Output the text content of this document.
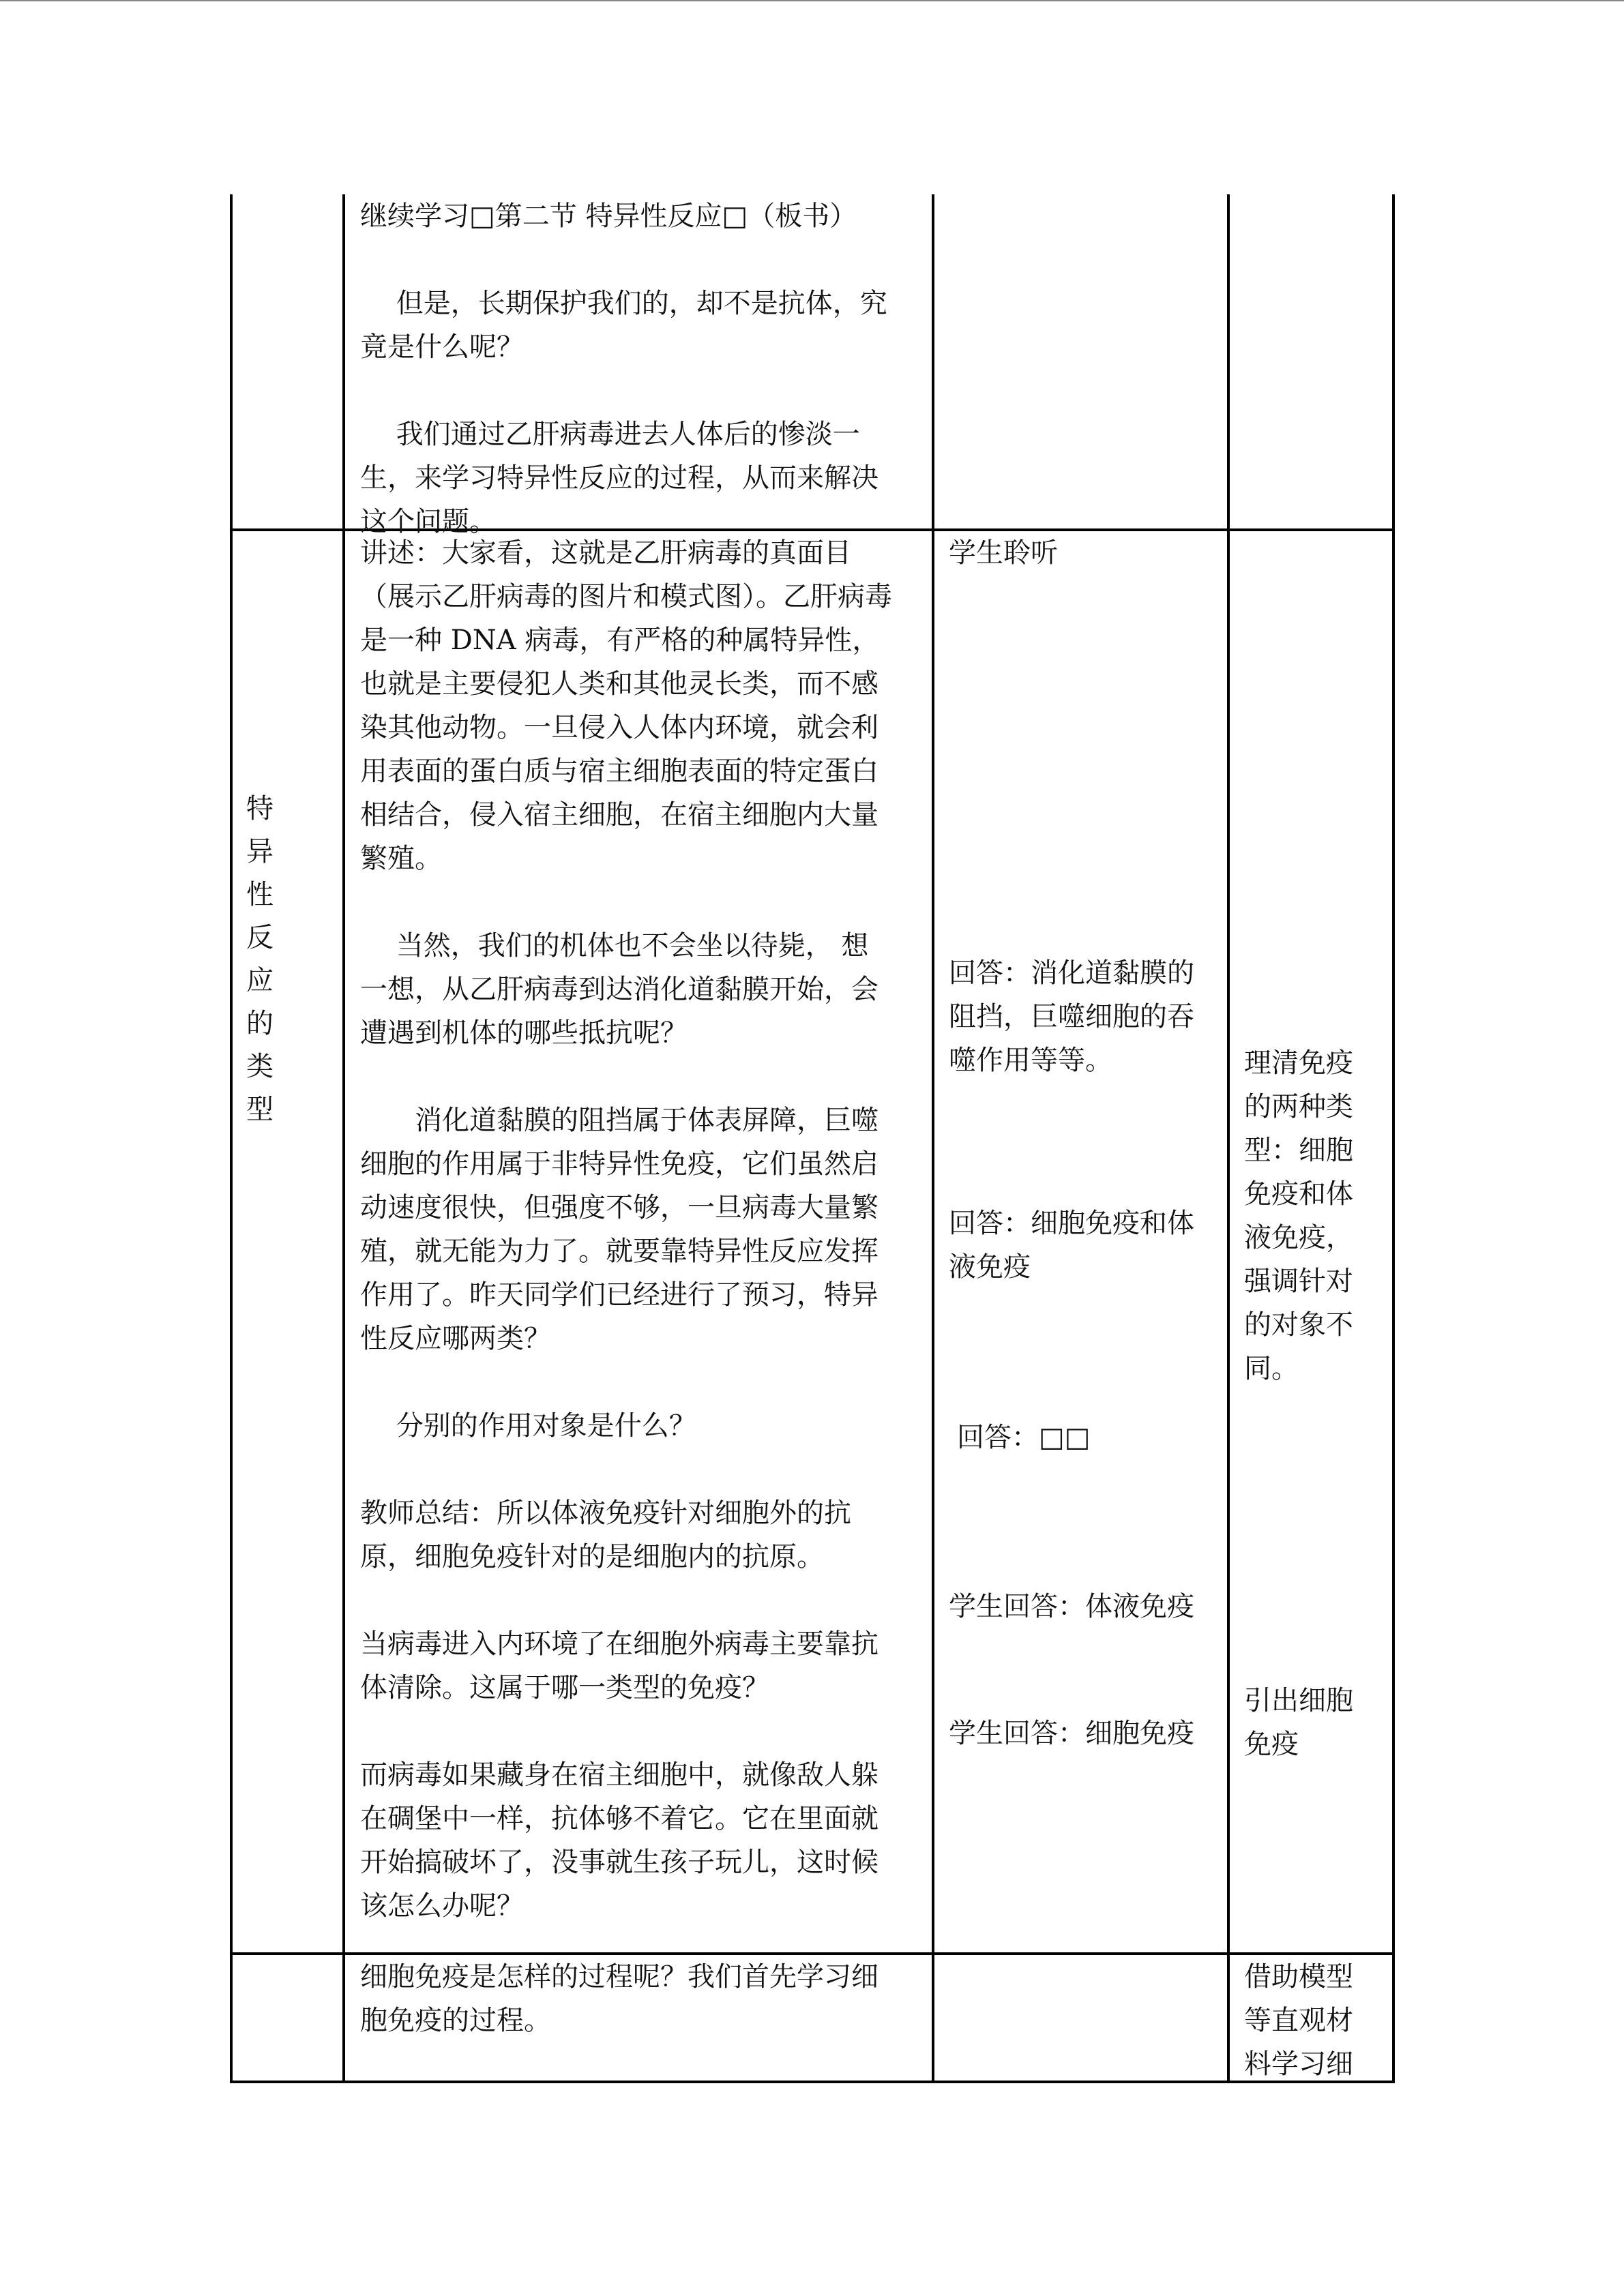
继续学习□第二节 特异性反应□（板书）

　 但是，长期保护我们的，却不是抗体，究

竟是什么呢？

　 我们通过乙肝病毒进去人体后的惨淡一

生，来学习特异性反应的过程，从而来解决

这个问题。

特异性反应的类型

讲述：大家看，这就是乙肝病毒的真面目

（展示乙肝病毒的图片和模式图）。乙肝病毒

是一种 DNA 病毒，有严格的种属特异性，

也就是主要侵犯人类和其他灵长类，而不感

染其他动物。一旦侵入人体内环境，就会利

用表面的蛋白质与宿主细胞表面的特定蛋白

相结合，侵入宿主细胞，在宿主细胞内大量

繁殖。

　 当然，我们的机体也不会坐以待毙， 想

一想，从乙肝病毒到达消化道黏膜开始，会

遭遇到机体的哪些抵抗呢？

　　消化道黏膜的阻挡属于体表屏障，巨噬

细胞的作用属于非特异性免疫，它们虽然启

动速度很快，但强度不够，一旦病毒大量繁

殖，就无能为力了。就要靠特异性反应发挥

作用了。昨天同学们已经进行了预习，特异

性反应哪两类？

　 分别的作用对象是什么？

教师总结：所以体液免疫针对细胞外的抗

原，细胞免疫针对的是细胞内的抗原。

当病毒进入内环境了在细胞外病毒主要靠抗

体清除。这属于哪一类型的免疫？

而病毒如果藏身在宿主细胞中，就像敌人躲

在碉堡中一样，抗体够不着它。它在里面就

开始搞破坏了，没事就生孩子玩儿，这时候

该怎么办呢？

学生聆听

回答：消化道黏膜的

阻挡，巨噬细胞的吞

噬作用等等。

回答：细胞免疫和体

液免疫

回答：□□

学生回答：体液免疫

学生回答：细胞免疫

理清免疫

的两种类

型：细胞

免疫和体

液免疫，

强调针对

的对象不

同。

引出细胞

免疫

细胞免疫是怎样的过程呢？我们首先学习细

胞免疫的过程。

借助模型

等直观材

料学习细
